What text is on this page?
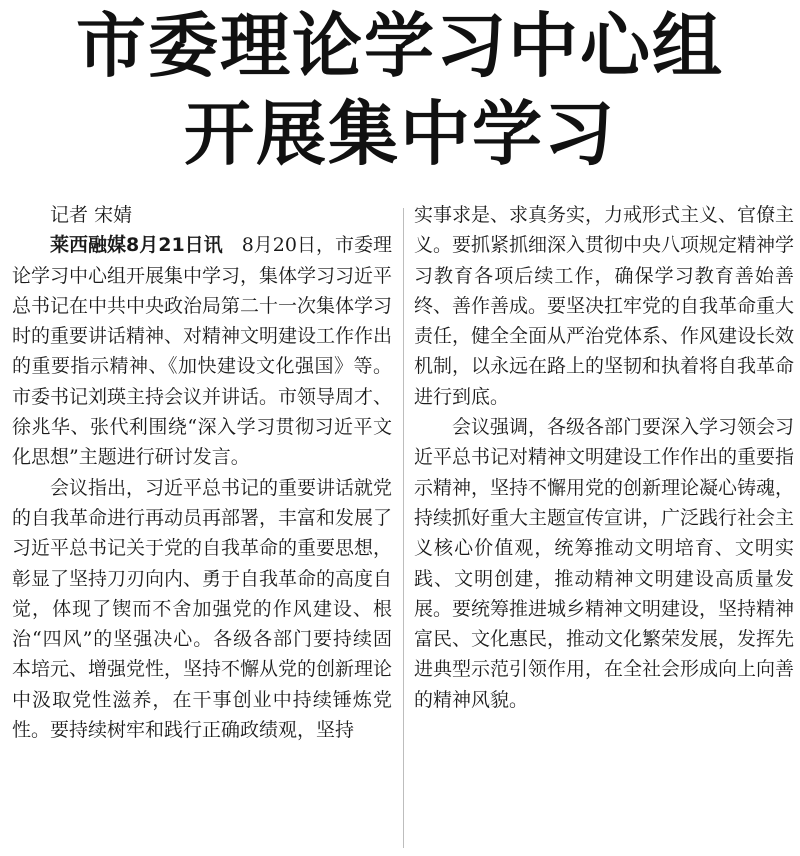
市委理论学习中心组
开展集中学习

记者 宋婧

莱西融媒8月21日讯　 8月20日，市委理论学习中心组开展集中学习，集体学习习近平总书记在中共中央政治局第二十一次集体学习时的重要讲话精神、对精神文明建设工作作出的重要指示精神、《加快建设文化强国》等。市委书记刘瑛主持会议并讲话。市领导周才、徐兆华、张代利围绕“深入学习贯彻习近平文化思想”主题进行研讨发言。

会议指出，习近平总书记的重要讲话就党的自我革命进行再动员再部署，丰富和发展了习近平总书记关于党的自我革命的重要思想，彰显了坚持刀刃向内、勇于自我革命的高度自觉，体现了锲而不舍加强党的作风建设、根治“四风”的坚强决心。各级各部门要持续固本培元、增强党性，坚持不懈从党的创新理论中汲取党性滋养，在干事创业中持续锤炼党性。要持续树牢和践行正确政绩观，坚持

实事求是、求真务实，力戒形式主义、官僚主义。要抓紧抓细深入贯彻中央八项规定精神学习教育各项后续工作，确保学习教育善始善终、善作善成。要坚决扛牢党的自我革命重大责任，健全全面从严治党体系、作风建设长效机制，以永远在路上的坚韧和执着将自我革命进行到底。

会议强调，各级各部门要深入学习领会习近平总书记对精神文明建设工作作出的重要指示精神，坚持不懈用党的创新理论凝心铸魂，持续抓好重大主题宣传宣讲，广泛践行社会主义核心价值观，统筹推动文明培育、文明实践、文明创建，推动精神文明建设高质量发展。要统筹推进城乡精神文明建设，坚持精神富民、文化惠民，推动文化繁荣发展，发挥先进典型示范引领作用，在全社会形成向上向善的精神风貌。
